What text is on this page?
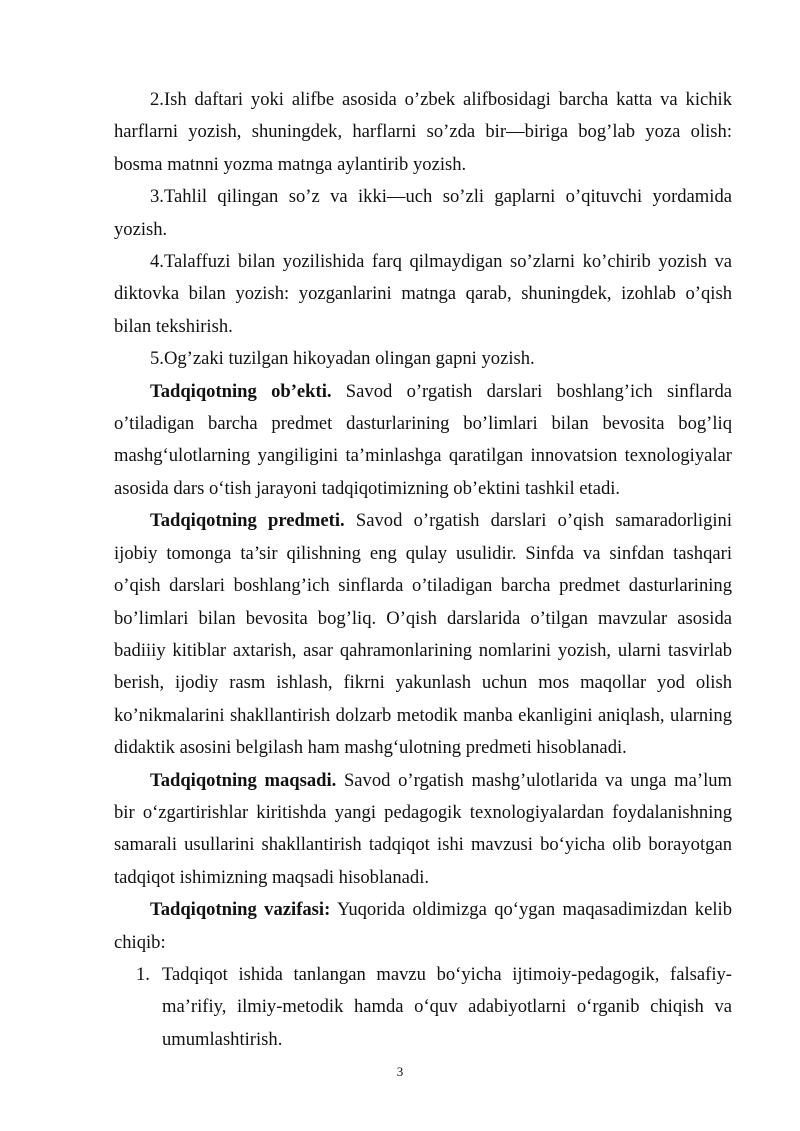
2.Ish daftari yoki alifbe asosida o’zbek alifbosidagi barcha katta va kichik harflarni yozish, shuningdek, harflarni so’zda bir—biriga bog’lab yoza olish: bosma matnni yozma matnga aylantirib yozish.

3.Tahlil qilingan so’z va ikki—uch so’zli gaplarni o’qituvchi yordamida yozish.

4.Talaffuzi bilan yozilishida farq qilmaydigan so’zlarni ko’chirib yozish va diktovka bilan yozish: yozganlarini matnga qarab, shuningdek, izohlab o’qish bilan tekshirish.

5.Og’zaki tuzilgan hikoyadan olingan gapni yozish.

Tadqiqotning ob’ekti. Savod o’rgatish darslari boshlang’ich sinflarda o’tiladigan barcha predmet dasturlarining bo’limlari bilan bevosita bog’liq mashg‘ulotlarning yangiligini ta’minlashga qaratilgan innovatsion texnologiyalar asosida dars o‘tish jarayoni tadqiqotimizning ob’ektini tashkil etadi.

Tadqiqotning predmeti. Savod o’rgatish darslari o’qish samaradorligini ijobiy tomonga ta’sir qilishning eng qulay usulidir. Sinfda va sinfdan tashqari o’qish darslari boshlang’ich sinflarda o’tiladigan barcha predmet dasturlarining bo’limlari bilan bevosita bog’liq. O’qish darslarida o’tilgan mavzular asosida badiiiy kitiblar axtarish, asar qahramonlarining nomlarini yozish, ularni tasvirlab berish, ijodiy rasm ishlash, fikrni yakunlash uchun mos maqollar yod olish ko’nikmalarini shakllantirish dolzarb metodik manba ekanligini aniqlash, ularning didaktik asosini belgilash ham mashg‘ulotning predmeti hisoblanadi.

Tadqiqotning maqsadi. Savod o’rgatish mashg’ulotlarida va unga ma’lum bir o‘zgartirishlar kiritishda yangi pedagogik texnologiyalardan foydalanishning samarali usullarini shakllantirish tadqiqot ishi mavzusi bo‘yicha olib borayotgan tadqiqot ishimizning maqsadi hisoblanadi.

Tadqiqotning vazifasi: Yuqorida oldimizga qo‘ygan maqasadimizdan kelib chiqib:

1. Tadqiqot ishida tanlangan mavzu bo‘yicha ijtimoiy-pedagogik, falsafiy-ma’rifiy, ilmiy-metodik hamda o‘quv adabiyotlarni o‘rganib chiqish va umumlashtirish.
3
